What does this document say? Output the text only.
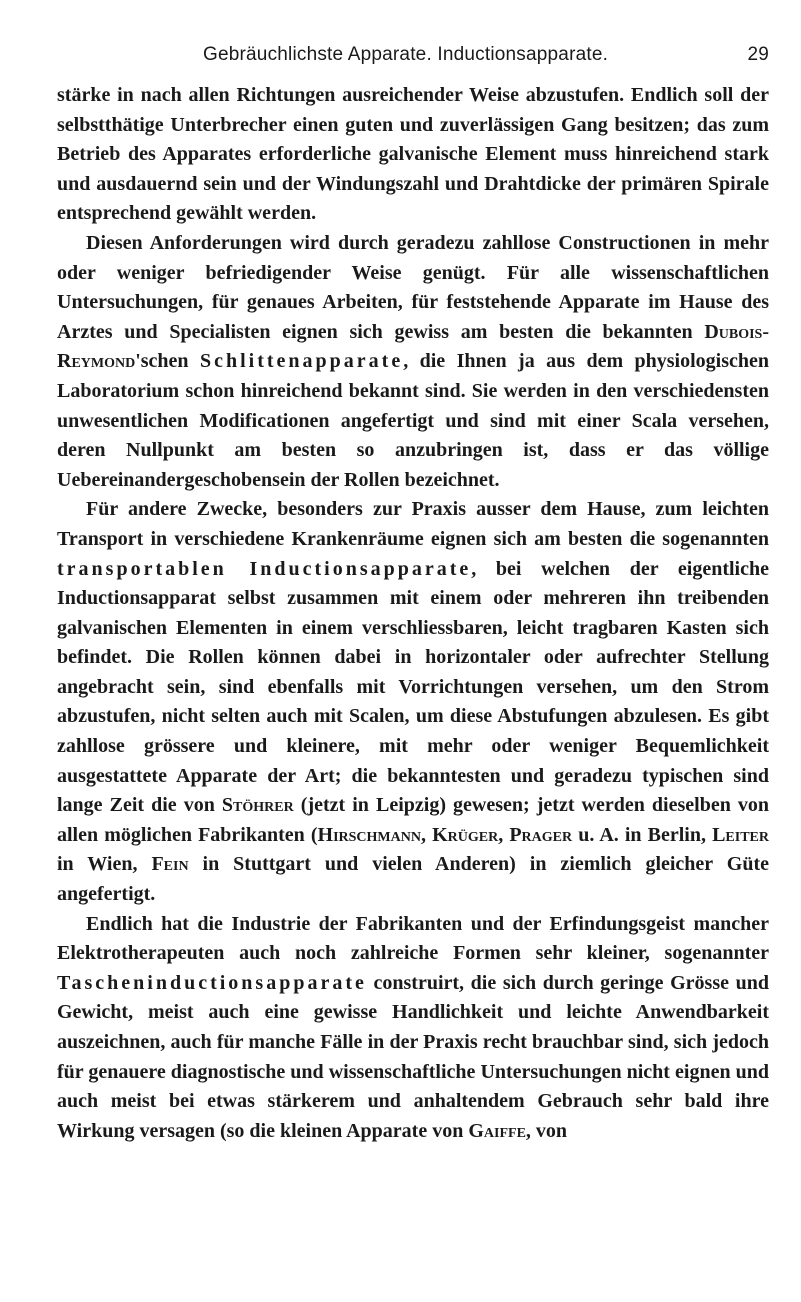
Gebräuchlichste Apparate. Inductionsapparate.	29

stärke in nach allen Richtungen ausreichender Weise abzustufen. Endlich soll der selbstthätige Unterbrecher einen guten und zuverlässigen Gang besitzen; das zum Betrieb des Apparates erforderliche galvanische Element muss hinreichend stark und ausdauernd sein und der Windungszahl und Drahtdicke der primären Spirale entsprechend gewählt werden.

Diesen Anforderungen wird durch geradezu zahllose Constructionen in mehr oder weniger befriedigender Weise genügt. Für alle wissenschaftlichen Untersuchungen, für genaues Arbeiten, für feststehende Apparate im Hause des Arztes und Specialisten eignen sich gewiss am besten die bekannten Dubois-Reymond'schen Schlittenapparate, die Ihnen ja aus dem physiologischen Laboratorium schon hinreichend bekannt sind. Sie werden in den verschiedensten unwesentlichen Modificationen angefertigt und sind mit einer Scala versehen, deren Nullpunkt am besten so anzubringen ist, dass er das völlige Uebereinandergeschobensein der Rollen bezeichnet.

Für andere Zwecke, besonders zur Praxis ausser dem Hause, zum leichten Transport in verschiedene Krankenräume eignen sich am besten die sogenannten transportablen Inductionsapparate, bei welchen der eigentliche Inductionsapparat selbst zusammen mit einem oder mehreren ihn treibenden galvanischen Elementen in einem verschliessbaren, leicht tragbaren Kasten sich befindet. Die Rollen können dabei in horizontaler oder aufrechter Stellung angebracht sein, sind ebenfalls mit Vorrichtungen versehen, um den Strom abzustufen, nicht selten auch mit Scalen, um diese Abstufungen abzulesen. Es gibt zahllose grössere und kleinere, mit mehr oder weniger Bequemlichkeit ausgestattete Apparate der Art; die bekanntesten und geradezu typischen sind lange Zeit die von Stöhrer (jetzt in Leipzig) gewesen; jetzt werden dieselben von allen möglichen Fabrikanten (Hirschmann, Krüger, Prager u. A. in Berlin, Leiter in Wien, Fein in Stuttgart und vielen Anderen) in ziemlich gleicher Güte angefertigt.

Endlich hat die Industrie der Fabrikanten und der Erfindungsgeist mancher Elektrotherapeuten auch noch zahlreiche Formen sehr kleiner, sogenannter Tascheninductionsapparate construirt, die sich durch geringe Grösse und Gewicht, meist auch eine gewisse Handlichkeit und leichte Anwendbarkeit auszeichnen, auch für manche Fälle in der Praxis recht brauchbar sind, sich jedoch für genauere diagnostische und wissenschaftliche Untersuchungen nicht eignen und auch meist bei etwas stärkerem und anhaltendem Gebrauch sehr bald ihre Wirkung versagen (so die kleinen Apparate von Gaiffe, von
